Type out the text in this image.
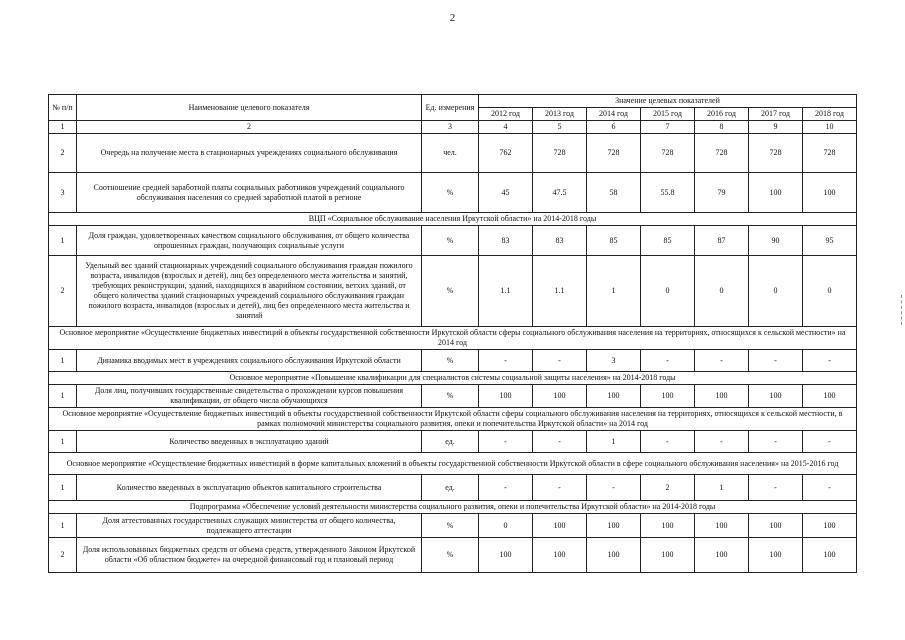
2
№ п/п	Наименование целевого показателя	Ед. измерения	Значение целевых показателей						
			2012 год	2013 год	2014 год	2015 год	2016 год	2017 год	2018 год
1	2	3	4	5	6	7	8	9	10
2	Очередь на получение места в стационарных учреждениях социального обслуживания	чел.	762	728	728	728	728	728	728
3	Соотношение средней заработной платы социальных работников учреждений социального обслуживания населения со средней заработной платой в регионе	%	45	47.5	58	55.8	79	100	100
ВЦП «Социальное обслуживание населения Иркутской области» на 2014-2018 годы									
1	Доля граждан, удовлетворенных качеством социального обслуживания, от общего количества опрошенных граждан, получающих социальные услуги	%	83	83	85	85	87	90	95
2	Удельный вес зданий стационарных учреждений социального обслуживания граждан пожилого возраста, инвалидов (взрослых и детей), лиц без определенного места жительства и занятий, требующих реконструкции, зданий, находящихся в аварийном состоянии, ветхих зданий, от общего количества зданий стационарных учреждений социального обслуживания граждан пожилого возраста, инвалидов (взрослых и детей), лиц без определенного места жительства и занятий	%	1.1	1.1	1	0	0	0	0
Основное мероприятие «Осуществление бюджетных инвестиций в объекты государственной собственности Иркутской области сферы социального обслуживания населения на территориях, относящихся к сельской местности» на 2014 год									
1	Динамика вводимых мест в учреждениях социального обслуживания Иркутской области	%	-	-	3	-	-	-	-
Основное мероприятие «Повышение квалификации для специалистов системы социальной защиты населения» на 2014-2018 годы									
1	Доля лиц, получивших государственные свидетельства о прохождении курсов повышения квалификации, от общего числа обучающихся	%	100	100	100	100	100	100	100
Основное мероприятие «Осуществление бюджетных инвестиций в объекты государственной собственности Иркутской области сферы социального обслуживания населения на территориях, относящихся к сельской местности, в рамках полномочий министерства социального развития, опеки и попечительства Иркутской области» на 2014 год									
1	Количество введенных в эксплуатацию зданий	ед.	-	-	1	-	-	-	-
Основное мероприятие «Осуществление бюджетных инвестиций в форме капитальных вложений в объекты государственной собственности Иркутской области в сфере социального обслуживания населения» на 2015-2016 год									
1	Количество введенных в эксплуатацию объектов капитального строительства	ед.	-	-	-	2	1	-	-
Подпрограмма «Обеспечение условий деятельности министерства социального развития, опеки и попечительства Иркутской области» на 2014-2018 годы									
1	Доля аттестованных государственных служащих министерства от общего количества, подлежащего аттестации	%	0	100	100	100	100	100	100
2	Доля использованных бюджетных средств от объема средств, утвержденного Законом Иркутской области «Об областном бюджете» на очередной финансовый год и плановый период	%	100	100	100	100	100	100	100
